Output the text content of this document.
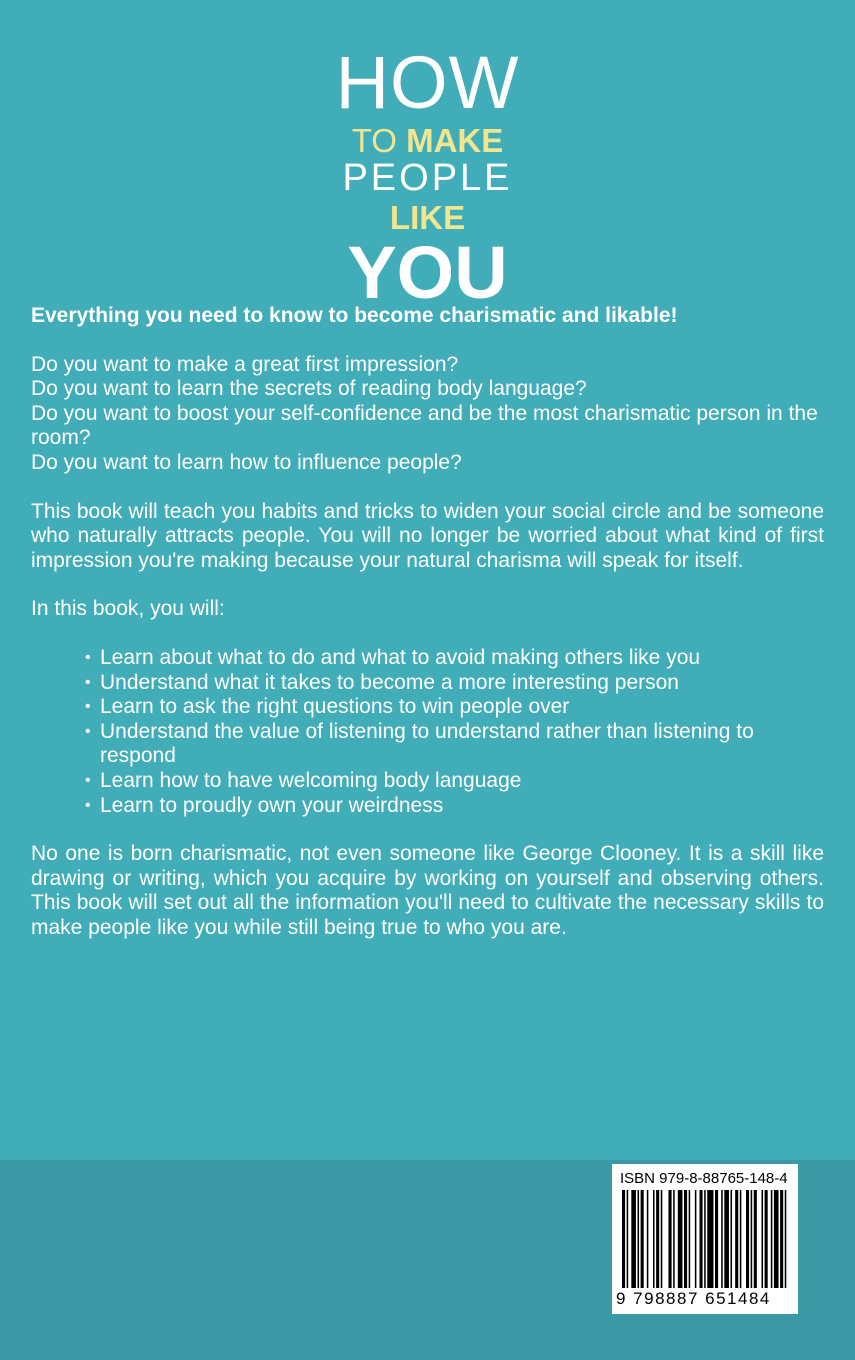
HOW
TO MAKE
PEOPLE
LIKE
YOU

Everything you need to know to become charismatic and likable!

Do you want to make a great first impression?

Do you want to learn the secrets of reading body language?

Do you want to boost your self-confidence and be the most charismatic person in the room?

Do you want to learn how to influence people?

This book will teach you habits and tricks to widen your social circle and be someone who naturally attracts people. You will no longer be worried about what kind of first impression you're making because your natural charisma will speak for itself.

In this book, you will:

• Learn about what to do and what to avoid making others like you
• Understand what it takes to become a more interesting person
• Learn to ask the right questions to win people over
• Understand the value of listening to understand rather than listening to respond
• Learn how to have welcoming body language
• Learn to proudly own your weirdness

No one is born charismatic, not even someone like George Clooney. It is a skill like drawing or writing, which you acquire by working on yourself and observing others. This book will set out all the information you'll need to cultivate the necessary skills to make people like you while still being true to who you are.

ISBN 979-8-88765-148-4
9 798887 651484
